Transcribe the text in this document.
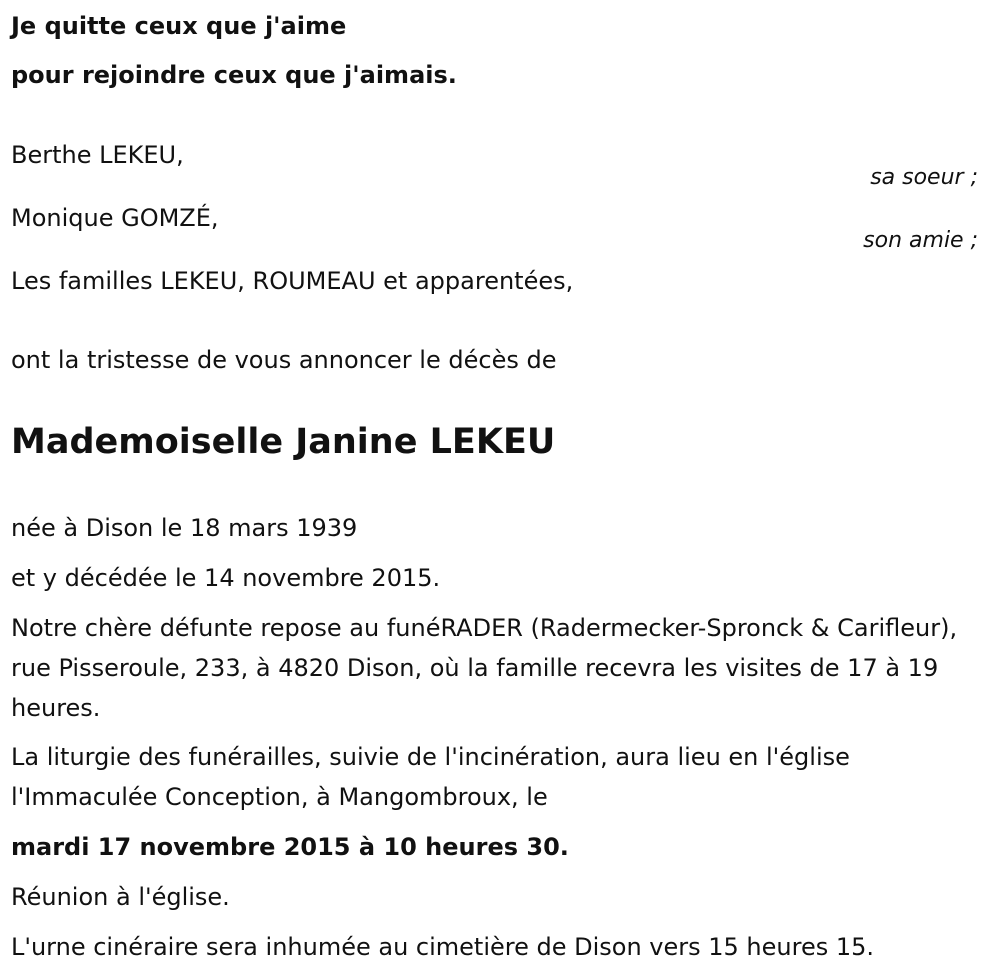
Je quitte ceux que j'aime
pour rejoindre ceux que j'aimais.
Berthe LEKEU,
sa soeur ;
Monique GOMZÉ,
son amie ;
Les familles LEKEU, ROUMEAU et apparentées,
ont la tristesse de vous annoncer le décès de
Mademoiselle Janine LEKEU
née à Dison le 18 mars 1939
et y décédée le 14 novembre 2015.
Notre chère défunte repose au funéRADER (Radermecker-Spronck & Carifleur), rue Pisseroule, 233, à 4820 Dison, où la famille recevra les visites de 17 à 19 heures.
La liturgie des funérailles, suivie de l'incinération, aura lieu en l'église l'Immaculée Conception, à Mangombroux, le
mardi 17 novembre 2015 à 10 heures 30.
Réunion à l'église.
L'urne cinéraire sera inhumée au cimetière de Dison vers 15 heures 15.
